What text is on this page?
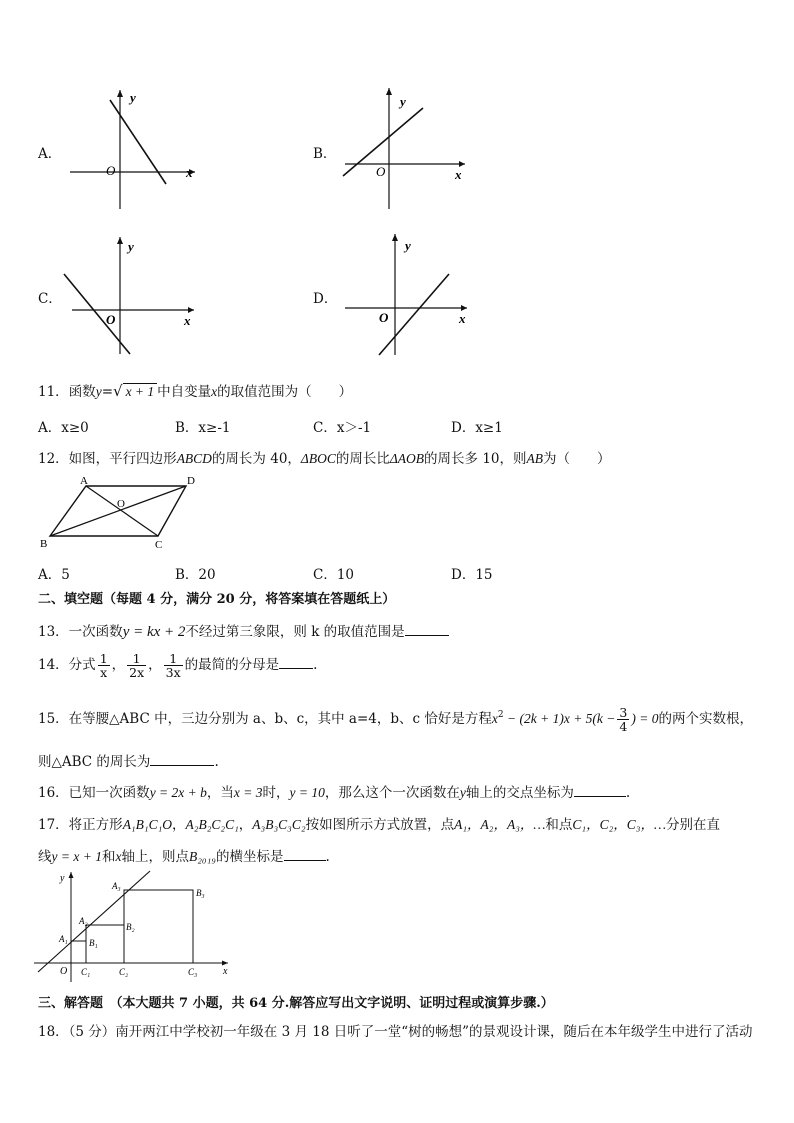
A．
y
x
O
B．
y
x
O
C．
y
x
O
D．
y
x
O
11．函数y=√ x + 1 中自变量x的取值范围为（　　）
A．x≥0	B．x≥-1	C．x＞-1	D．x≥1
12．如图，平行四边形ABCD的周长为 40，ΔBOC的周长比ΔAOB的周长多 10，则AB为（　　）
A	D
B	C
O
A．5	B．20	C．10	D．15
二、填空题（每题 4 分，满分 20 分，将答案填在答题纸上）
13．一次函数y = kx + 2不经过第三象限，则 k 的取值范围是
14．分式 $\frac{1}{x}$ ， $\frac{1}{2x}$ ， $\frac{1}{3x}$ 的最简的分母是	.
15．在等腰△ABC 中，三边分别为 a、b、c，其中 a=4，b、c 恰好是方程$x^2 - (2k + 1)x + 5(k - \frac{3}{4}$ ) = 0的两个实数根，
则△ABC 的周长为	.
16．已知一次函数y = 2x + b，当x = 3时，y = 10，那么这个一次函数在y轴上的交点坐标为	.
17．将正方形A₁B₁C₁O，A₂B₂C₂C₁，A₃B₃C₃C₂按如图所示方式放置，点A₁，A₂，A₃，…和点C₁，C₂，C₃，…分别在直
线y = x + 1和x轴上，则点B₂₀₁₉的横坐标是	.
y
x
O
A₁
A₂
A₃
B₁
B₂
B₃
C₁	C₂	C₃
三、解答题　（本大题共 7 小题，共 64 分.解答应写出文字说明、证明过程或演算步骤.）
18．（5 分）南开两江中学校初一年级在 3 月 18 日听了一堂“树的畅想”的景观设计课，随后在本年级学生中进行了活动
